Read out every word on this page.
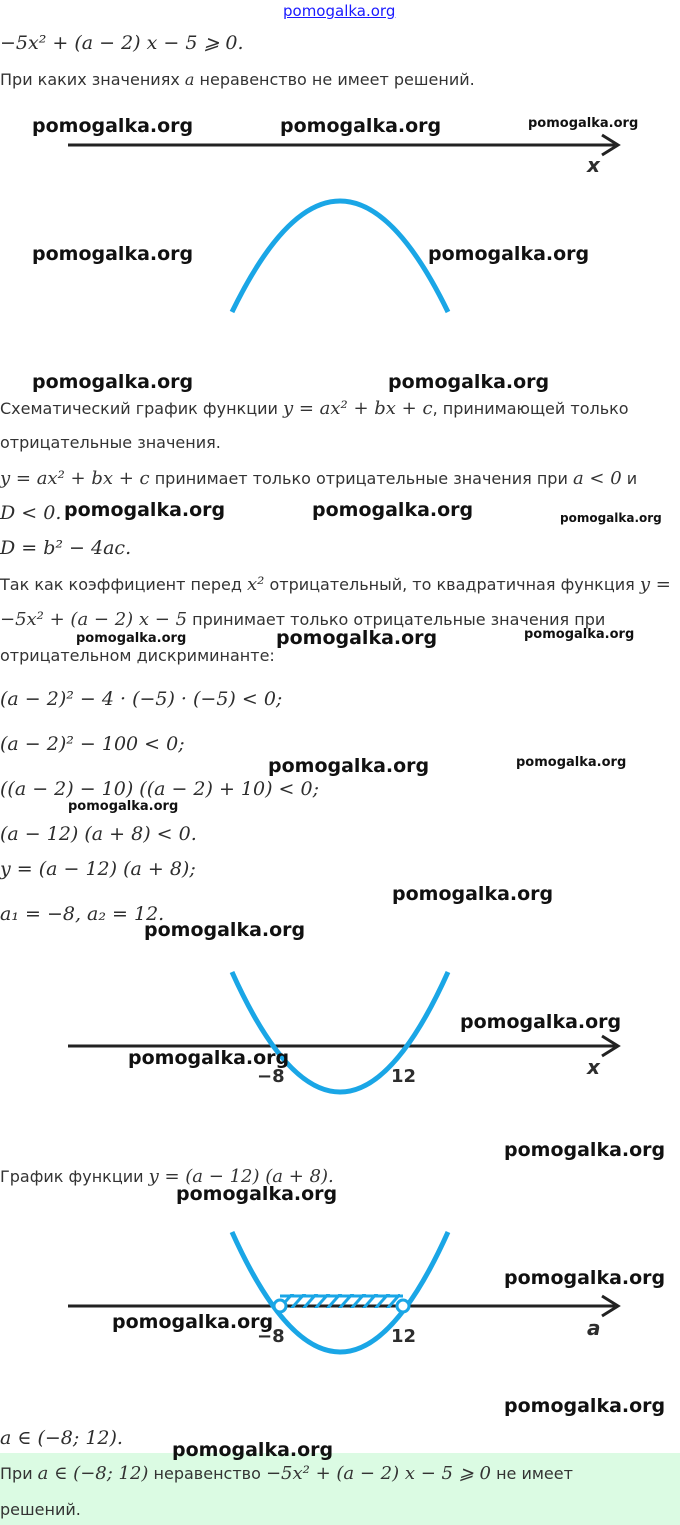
pomogalka.org
−5x² + (a − 2) x − 5 ⩾ 0.
При каких значениях a неравенство не имеет решений.
x
Схематический график функции y = ax² + bx + c, принимающей только
отрицательные значения.
y = ax² + bx + c принимает только отрицательные значения при a < 0 и
D < 0.
D = b² − 4ac.
Так как коэффициент перед x² отрицательный, то квадратичная функция y =
−5x² + (a − 2) x − 5 принимает только отрицательные значения при
отрицательном дискриминанте:
(a − 2)² − 4 · (−5) · (−5) < 0;
(a − 2)² − 100 < 0;
((a − 2) − 10) ((a − 2) + 10) < 0;
(a − 12) (a + 8) < 0.
y = (a − 12) (a + 8);
a₁ = −8, a₂ = 12.
−8	12	x
График функции y = (a − 12) (a + 8).
−8	12	a
a ∈ (−8; 12).
При a ∈ (−8; 12) неравенство −5x² + (a − 2) x − 5 ⩾ 0 не имеет
решений.
pomogalka.org	pomogalka.org	pomogalka.org
pomogalka.org	pomogalka.org
pomogalka.org	pomogalka.org
pomogalka.org	pomogalka.org	pomogalka.org
pomogalka.org	pomogalka.org	pomogalka.org
pomogalka.org	pomogalka.org
pomogalka.org
pomogalka.org
pomogalka.org
pomogalka.org
pomogalka.org
pomogalka.org
pomogalka.org
pomogalka.org
pomogalka.org
pomogalka.org
pomogalka.org
